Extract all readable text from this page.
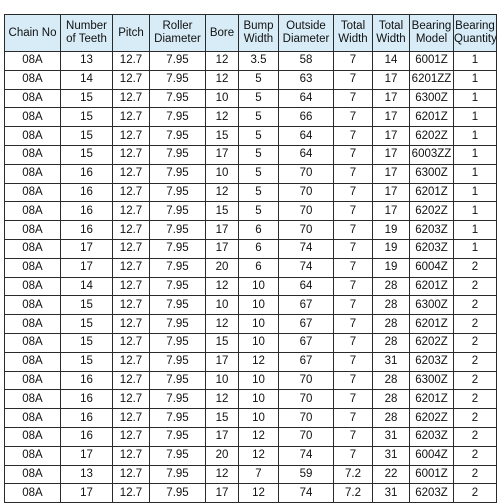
Chain No	Number of Teeth	Pitch	Roller Diameter	Bore	Bump Width	Outside Diameter	Total Width	Total Width	Bearing Model	Bearing Quantity
08A	13	12.7	7.95	12	3.5	58	7	14	6001Z	1
08A	14	12.7	7.95	12	5	63	7	17	6201ZZ	1
08A	15	12.7	7.95	10	5	64	7	17	6300Z	1
08A	15	12.7	7.95	12	5	66	7	17	6201Z	1
08A	15	12.7	7.95	15	5	64	7	17	6202Z	1
08A	15	12.7	7.95	17	5	64	7	17	6003ZZ	1
08A	16	12.7	7.95	10	5	70	7	17	6300Z	1
08A	16	12.7	7.95	12	5	70	7	17	6201Z	1
08A	16	12.7	7.95	15	5	70	7	17	6202Z	1
08A	16	12.7	7.95	17	6	70	7	19	6203Z	1
08A	17	12.7	7.95	17	6	74	7	19	6203Z	1
08A	17	12.7	7.95	20	6	74	7	19	6004Z	2
08A	14	12.7	7.95	12	10	64	7	28	6201Z	2
08A	15	12.7	7.95	10	10	67	7	28	6300Z	2
08A	15	12.7	7.95	12	10	67	7	28	6201Z	2
08A	15	12.7	7.95	15	10	67	7	28	6202Z	2
08A	15	12.7	7.95	17	12	67	7	31	6203Z	2
08A	16	12.7	7.95	10	10	70	7	28	6300Z	2
08A	16	12.7	7.95	12	10	70	7	28	6201Z	2
08A	16	12.7	7.95	15	10	70	7	28	6202Z	2
08A	16	12.7	7.95	17	12	70	7	31	6203Z	2
08A	17	12.7	7.95	20	12	74	7	31	6004Z	2
08A	13	12.7	7.95	12	7	59	7.2	22	6001Z	2
08A	17	12.7	7.95	17	12	74	7.2	31	6203Z	2
